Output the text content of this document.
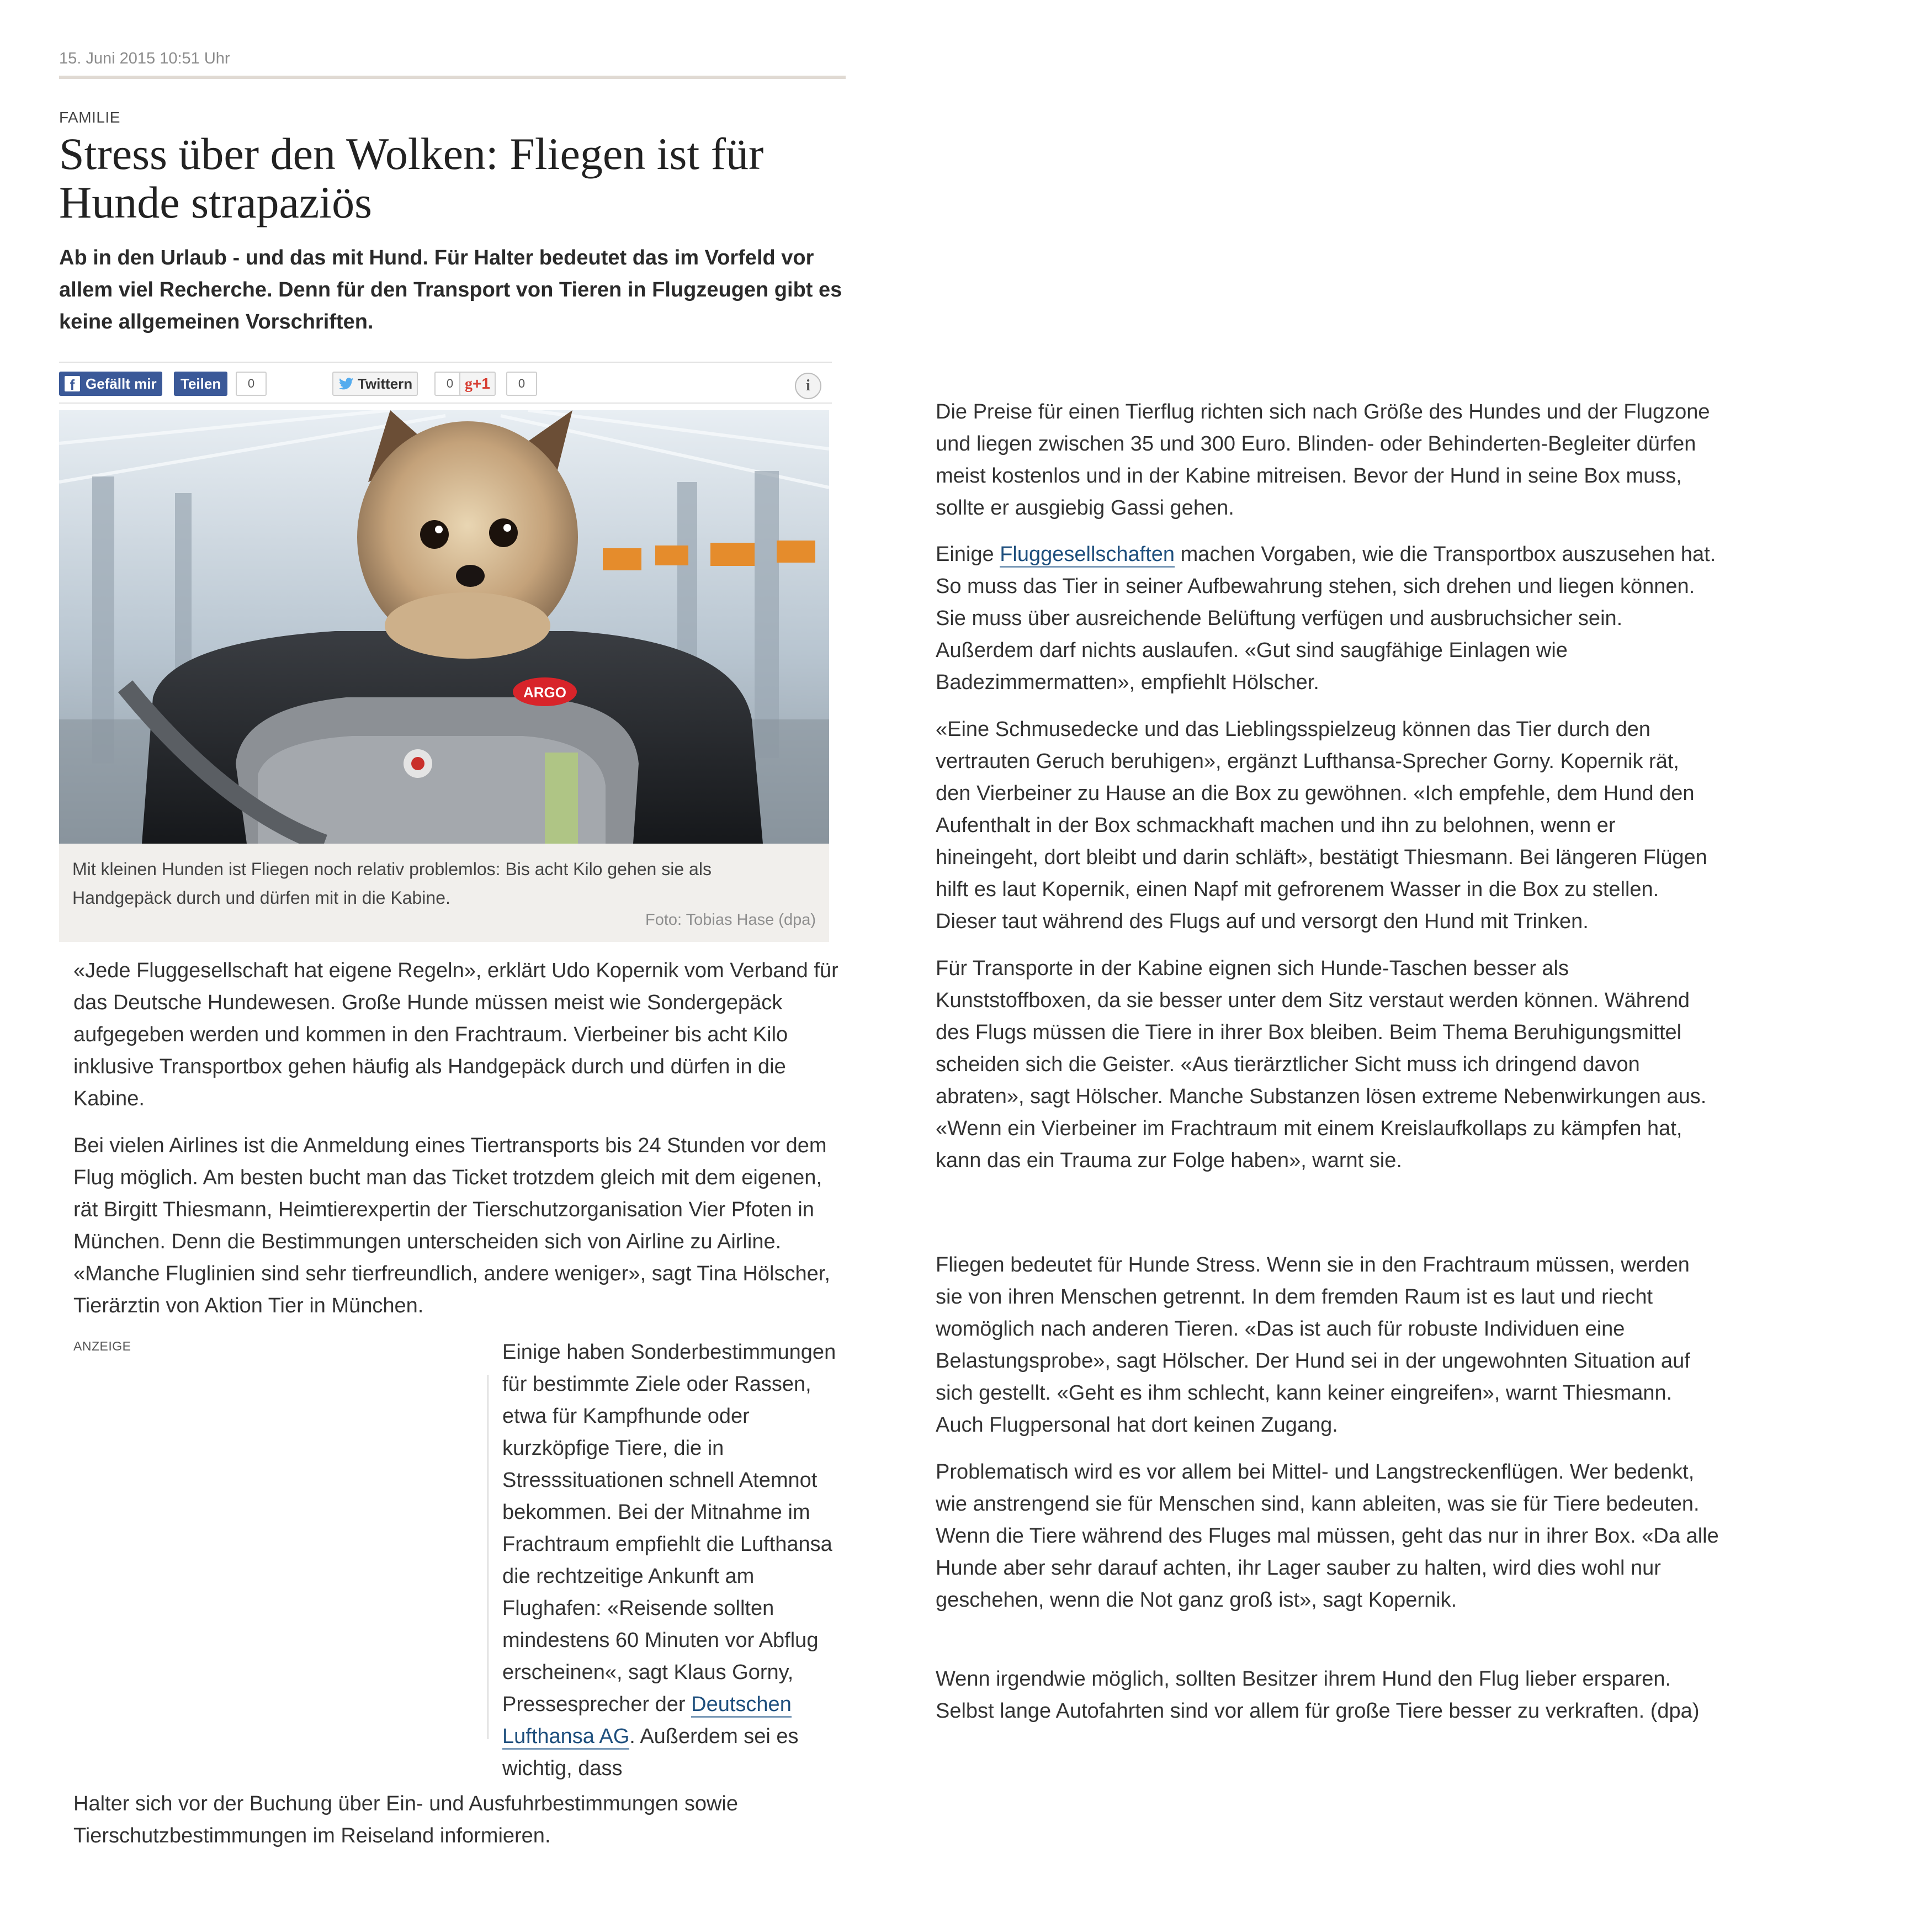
15. Juni 2015 10:51 Uhr
FAMILIE
Stress über den Wolken: Fliegen ist für Hunde strapaziös

Ab in den Urlaub - und das mit Hund. Für Halter bedeutet das im Vorfeld vor allem viel Recherche. Denn für den Transport von Tieren in Flugzeugen gibt es keine allgemeinen Vorschriften.

f Gefällt mir	Teilen	0	Twittern	0 g+1	0	i
ARGO
Mit kleinen Hunden ist Fliegen noch relativ problemlos: Bis acht Kilo gehen sie als Handgepäck durch und dürfen mit in die Kabine.
Foto: Tobias Hase (dpa)

«Jede Fluggesellschaft hat eigene Regeln», erklärt Udo Kopernik vom Verband für das Deutsche Hundewesen. Große Hunde müssen meist wie Sondergepäck aufgegeben werden und kommen in den Frachtraum. Vierbeiner bis acht Kilo inklusive Transportbox gehen häufig als Handgepäck durch und dürfen in die Kabine.

Bei vielen Airlines ist die Anmeldung eines Tiertransports bis 24 Stunden vor dem Flug möglich. Am besten bucht man das Ticket trotzdem gleich mit dem eigenen, rät Birgitt Thiesmann, Heimtierexpertin der Tierschutzorganisation Vier Pfoten in München. Denn die Bestimmungen unterscheiden sich von Airline zu Airline. «Manche Fluglinien sind sehr tierfreundlich, andere weniger», sagt Tina Hölscher, Tierärztin von Aktion Tier in München.

ANZEIGE	Einige haben Sonderbestimmungen für bestimmte Ziele oder Rassen, etwa für Kampfhunde oder kurzköpfige Tiere, die in Stresssituationen schnell Atemnot bekommen. Bei der Mitnahme im Frachtraum empfiehlt die Lufthansa die rechtzeitige Ankunft am Flughafen: «Reisende sollten mindestens 60 Minuten vor Abflug erscheinen«, sagt Klaus Gorny, Pressesprecher der Deutschen Lufthansa AG. Außerdem sei es wichtig, dass

Halter sich vor der Buchung über Ein- und Ausfuhrbestimmungen sowie Tierschutzbestimmungen im Reiseland informieren.

Die Preise für einen Tierflug richten sich nach Größe des Hundes und der Flugzone und liegen zwischen 35 und 300 Euro. Blinden- oder Behinderten-Begleiter dürfen meist kostenlos und in der Kabine mitreisen. Bevor der Hund in seine Box muss, sollte er ausgiebig Gassi gehen.

Einige Fluggesellschaften machen Vorgaben, wie die Transportbox auszusehen hat. So muss das Tier in seiner Aufbewahrung stehen, sich drehen und liegen können. Sie muss über ausreichende Belüftung verfügen und ausbruchsicher sein. Außerdem darf nichts auslaufen. «Gut sind saugfähige Einlagen wie Badezimmermatten», empfiehlt Hölscher.

«Eine Schmusedecke und das Lieblingsspielzeug können das Tier durch den vertrauten Geruch beruhigen», ergänzt Lufthansa-Sprecher Gorny. Kopernik rät, den Vierbeiner zu Hause an die Box zu gewöhnen. «Ich empfehle, dem Hund den Aufenthalt in der Box schmackhaft machen und ihn zu belohnen, wenn er hineingeht, dort bleibt und darin schläft», bestätigt Thiesmann. Bei längeren Flügen hilft es laut Kopernik, einen Napf mit gefrorenem Wasser in die Box zu stellen. Dieser taut während des Flugs auf und versorgt den Hund mit Trinken.

Für Transporte in der Kabine eignen sich Hunde-Taschen besser als Kunststoffboxen, da sie besser unter dem Sitz verstaut werden können. Während des Flugs müssen die Tiere in ihrer Box bleiben. Beim Thema Beruhigungsmittel scheiden sich die Geister. «Aus tierärztlicher Sicht muss ich dringend davon abraten», sagt Hölscher. Manche Substanzen lösen extreme Nebenwirkungen aus. «Wenn ein Vierbeiner im Frachtraum mit einem Kreislaufkollaps zu kämpfen hat, kann das ein Trauma zur Folge haben», warnt sie.

Fliegen bedeutet für Hunde Stress. Wenn sie in den Frachtraum müssen, werden sie von ihren Menschen getrennt. In dem fremden Raum ist es laut und riecht womöglich nach anderen Tieren. «Das ist auch für robuste Individuen eine Belastungsprobe», sagt Hölscher. Der Hund sei in der ungewohnten Situation auf sich gestellt. «Geht es ihm schlecht, kann keiner eingreifen», warnt Thiesmann. Auch Flugpersonal hat dort keinen Zugang.

Problematisch wird es vor allem bei Mittel- und Langstreckenflügen. Wer bedenkt, wie anstrengend sie für Menschen sind, kann ableiten, was sie für Tiere bedeuten. Wenn die Tiere während des Fluges mal müssen, geht das nur in ihrer Box. «Da alle Hunde aber sehr darauf achten, ihr Lager sauber zu halten, wird dies wohl nur geschehen, wenn die Not ganz groß ist», sagt Kopernik.

Wenn irgendwie möglich, sollten Besitzer ihrem Hund den Flug lieber ersparen. Selbst lange Autofahrten sind vor allem für große Tiere besser zu verkraften. (dpa)
